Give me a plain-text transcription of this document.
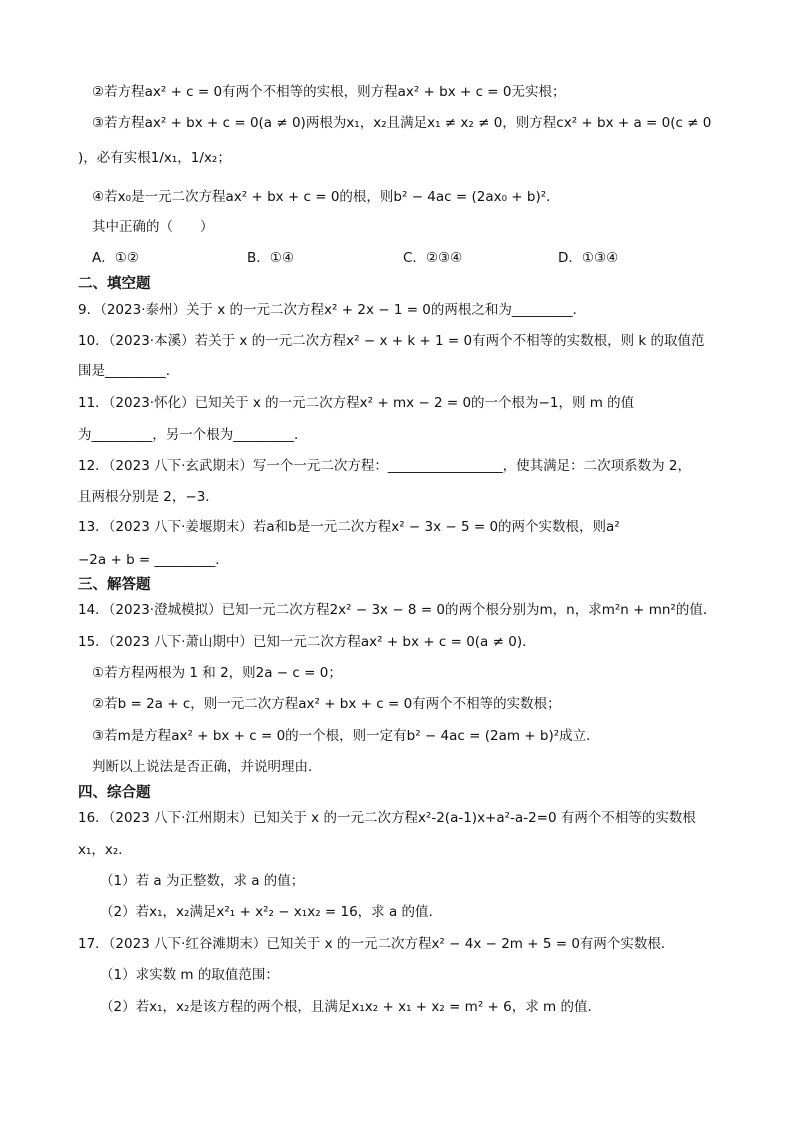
②若方程ax² + c = 0有两个不相等的实根，则方程ax² + bx + c = 0无实根；
③若方程ax² + bx + c = 0(a ≠ 0)两根为x₁，x₂且满足x₁ ≠ x₂ ≠ 0，则方程cx² + bx + a = 0(c ≠ 0
)，必有实根1/x₁，1/x₂；
④若x₀是一元二次方程ax² + bx + c = 0的根，则b² − 4ac = (2ax₀ + b)².
其中正确的（　　）
A．①②	B．①④	C．②③④	D．①③④
二、填空题
9．（2023·泰州）关于 x 的一元二次方程x² + 2x − 1 = 0的两根之和为_________．
10．（2023·本溪）若关于 x 的一元二次方程x² − x + k + 1 = 0有两个不相等的实数根，则 k 的取值范
围是_________.
11．（2023·怀化）已知关于 x 的一元二次方程x² + mx − 2 = 0的一个根为−1，则 m 的值
为_________，另一个根为_________．
12．（2023 八下·玄武期末）写一个一元二次方程：_________________，使其满足：二次项系数为 2，
且两根分别是 2，−3.
13．（2023 八下·姜堰期末）若a和b是一元二次方程x² − 3x − 5 = 0的两个实数根，则a²
−2a + b = _________．
三、解答题
14．（2023·澄城模拟）已知一元二次方程2x² − 3x − 8 = 0的两个根分别为m，n，求m²n + mn²的值．
15．（2023 八下·萧山期中）已知一元二次方程ax² + bx + c = 0(a ≠ 0)．
①若方程两根为 1 和 2，则2a − c = 0；
②若b = 2a + c，则一元二次方程ax² + bx + c = 0有两个不相等的实数根；
③若m是方程ax² + bx + c = 0的一个根，则一定有b² − 4ac = (2am + b)²成立．
判断以上说法是否正确，并说明理由．
四、综合题
16．（2023 八下·江州期末）已知关于 x 的一元二次方程x²-2(a-1)x+a²-a-2=0 有两个不相等的实数根
x₁，x₂．
（1）若 a 为正整数，求 a 的值；
（2）若x₁，x₂满足x²₁ + x²₂ − x₁x₂ = 16，求 a 的值.
17．（2023 八下·红谷滩期末）已知关于 x 的一元二次方程x² − 4x − 2m + 5 = 0有两个实数根．
（1）求实数 m 的取值范围：
（2）若x₁，x₂是该方程的两个根，且满足x₁x₂ + x₁ + x₂ = m² + 6，求 m 的值．
